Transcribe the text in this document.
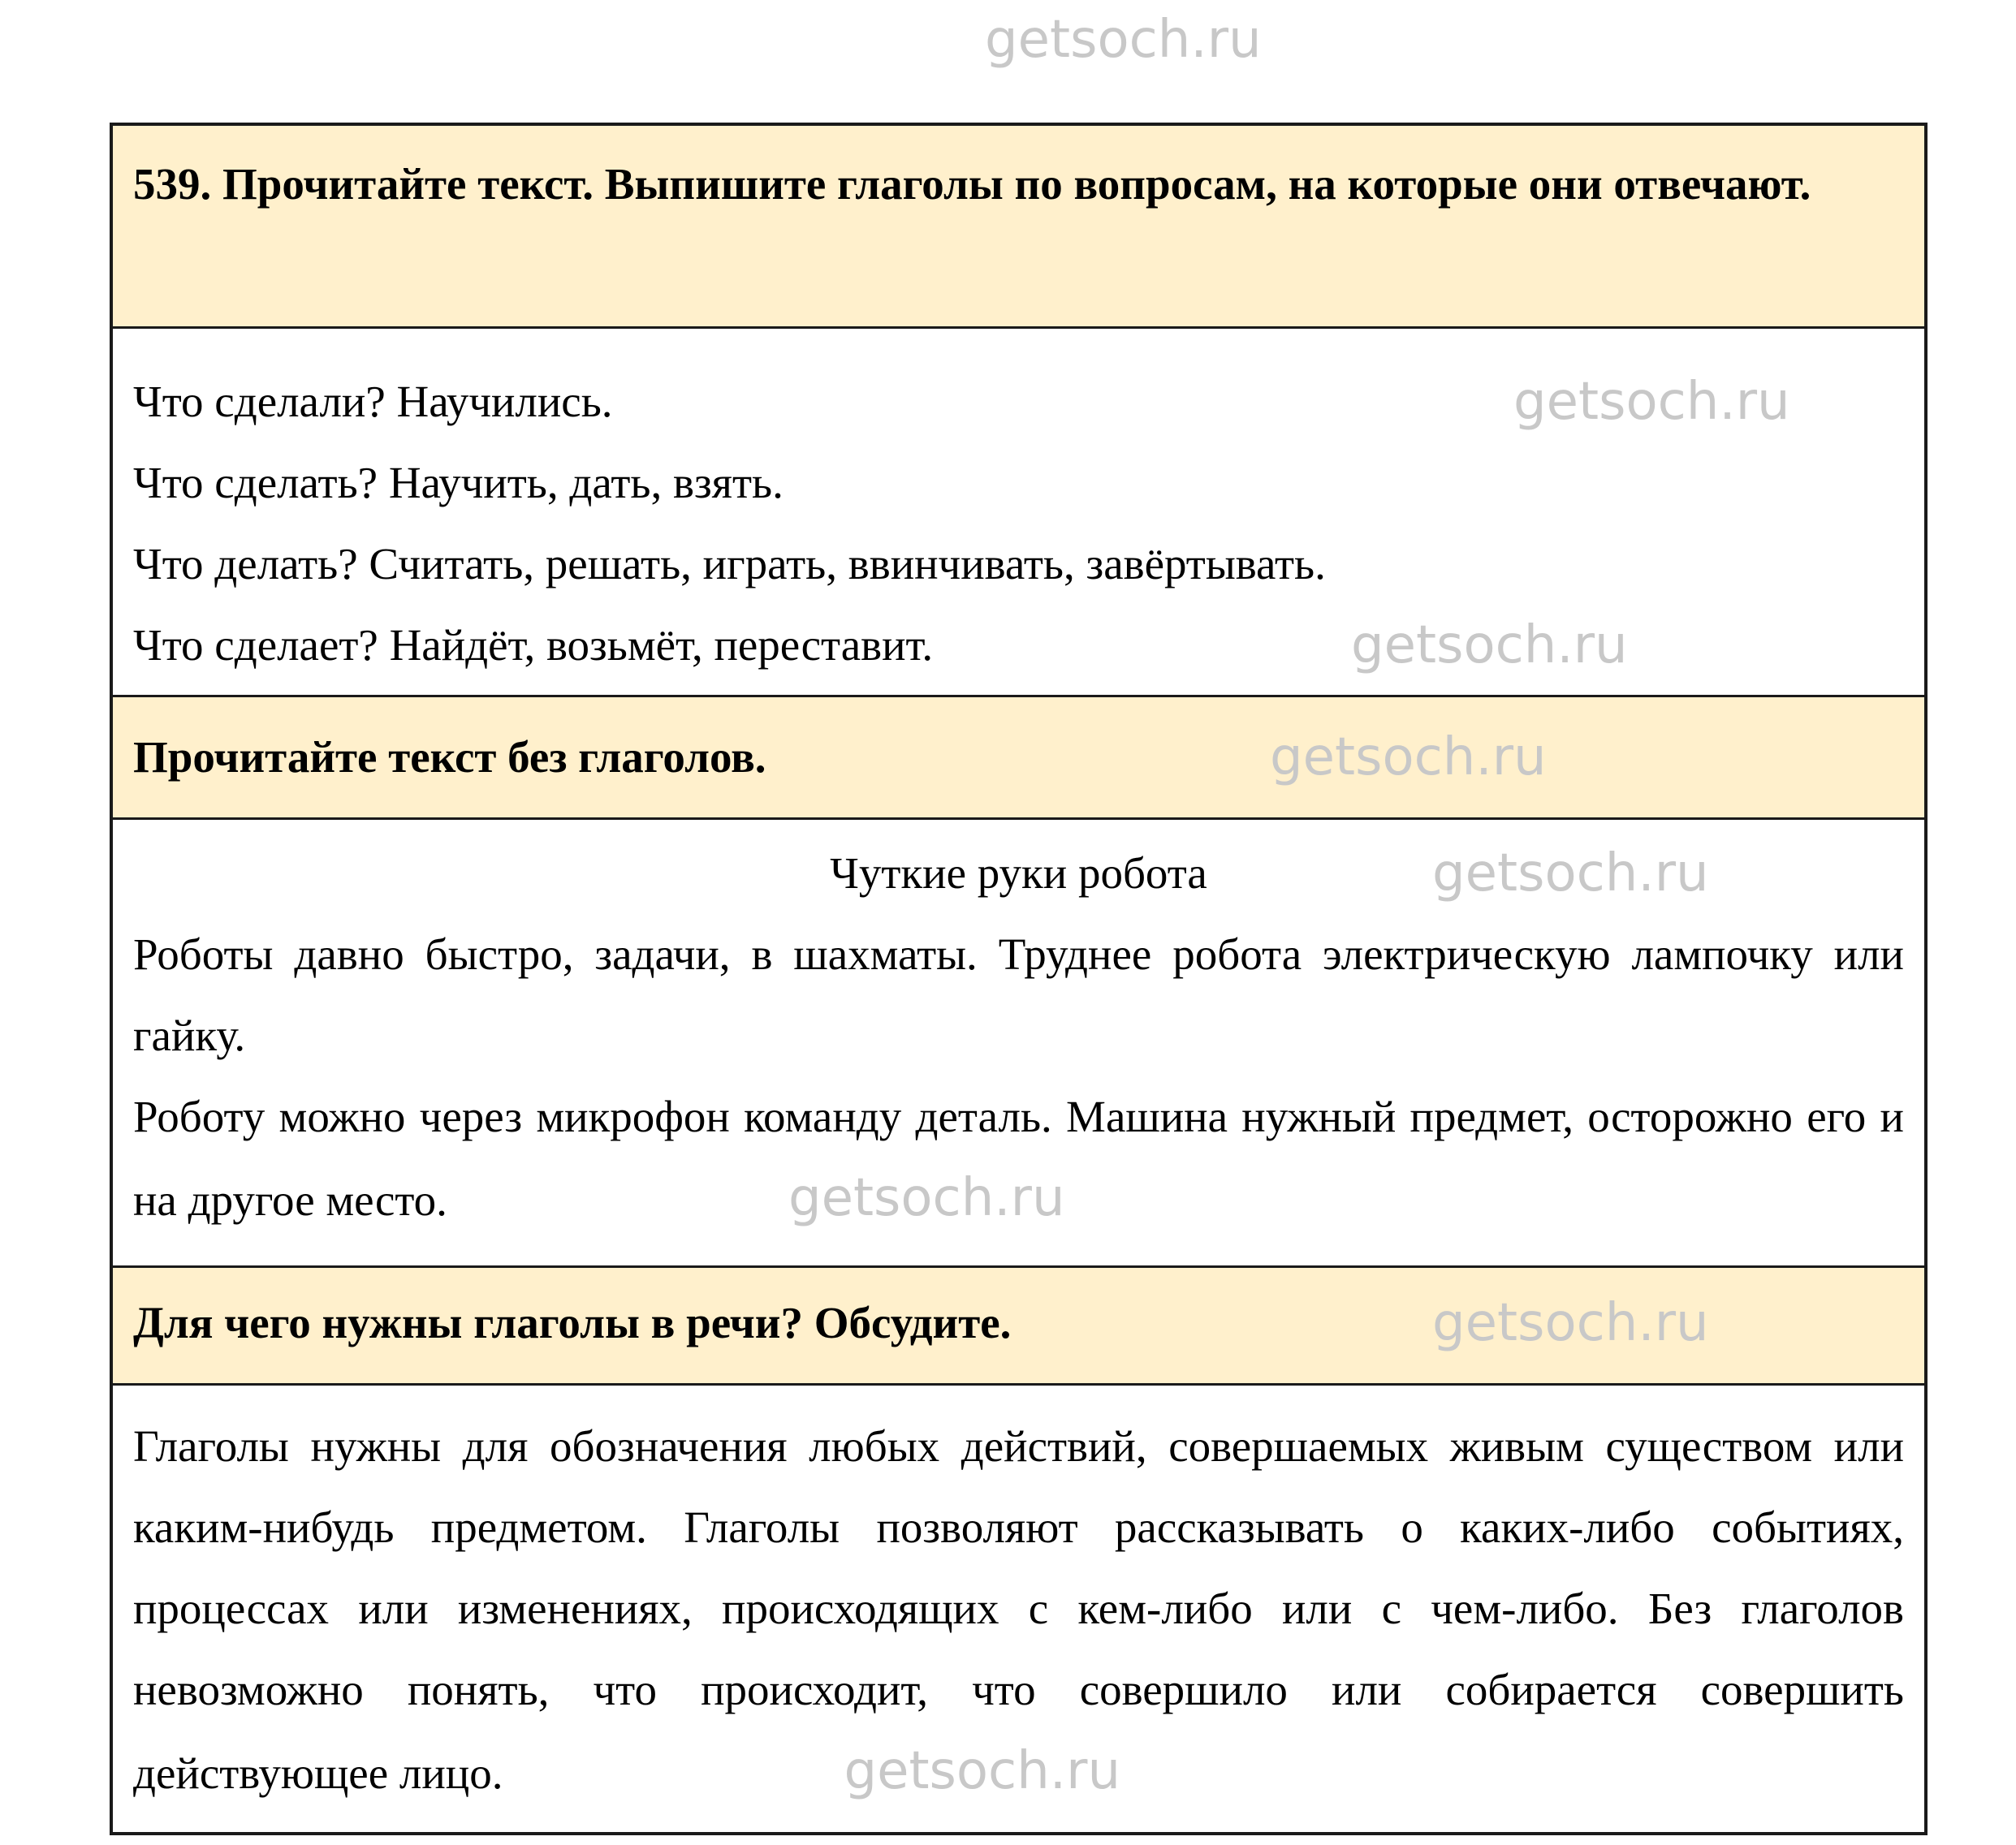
getsoch.ru

539. Прочитайте текст. Выпишите глаголы по вопросам, на которые они отвечают.

Что сделали? Научились.	getsoch.ru

Что сделать? Научить, дать, взять.

Что делать? Считать, решать, играть, ввинчивать, завёртывать.

Что сделает? Найдёт, возьмёт, переставит.	getsoch.ru

Прочитайте текст без глаголов.	getsoch.ru

Чуткие руки робота	getsoch.ru

Роботы давно быстро, задачи, в шахматы. Труднее робота электрическую лампочку или гайку.

Роботу можно через микрофон команду деталь. Машина нужный предмет, осторожно его и на другое место.	getsoch.ru

Для чего нужны глаголы в речи? Обсудите.	getsoch.ru

Глаголы нужны для обозначения любых действий, совершаемых живым существом или каким-нибудь предметом. Глаголы позволяют рассказывать о каких-либо событиях, процессах или изменениях, происходящих с кем-либо или с чем-либо. Без глаголов невозможно понять, что происходит, что совершило или собирается совершить действующее лицо.	getsoch.ru
